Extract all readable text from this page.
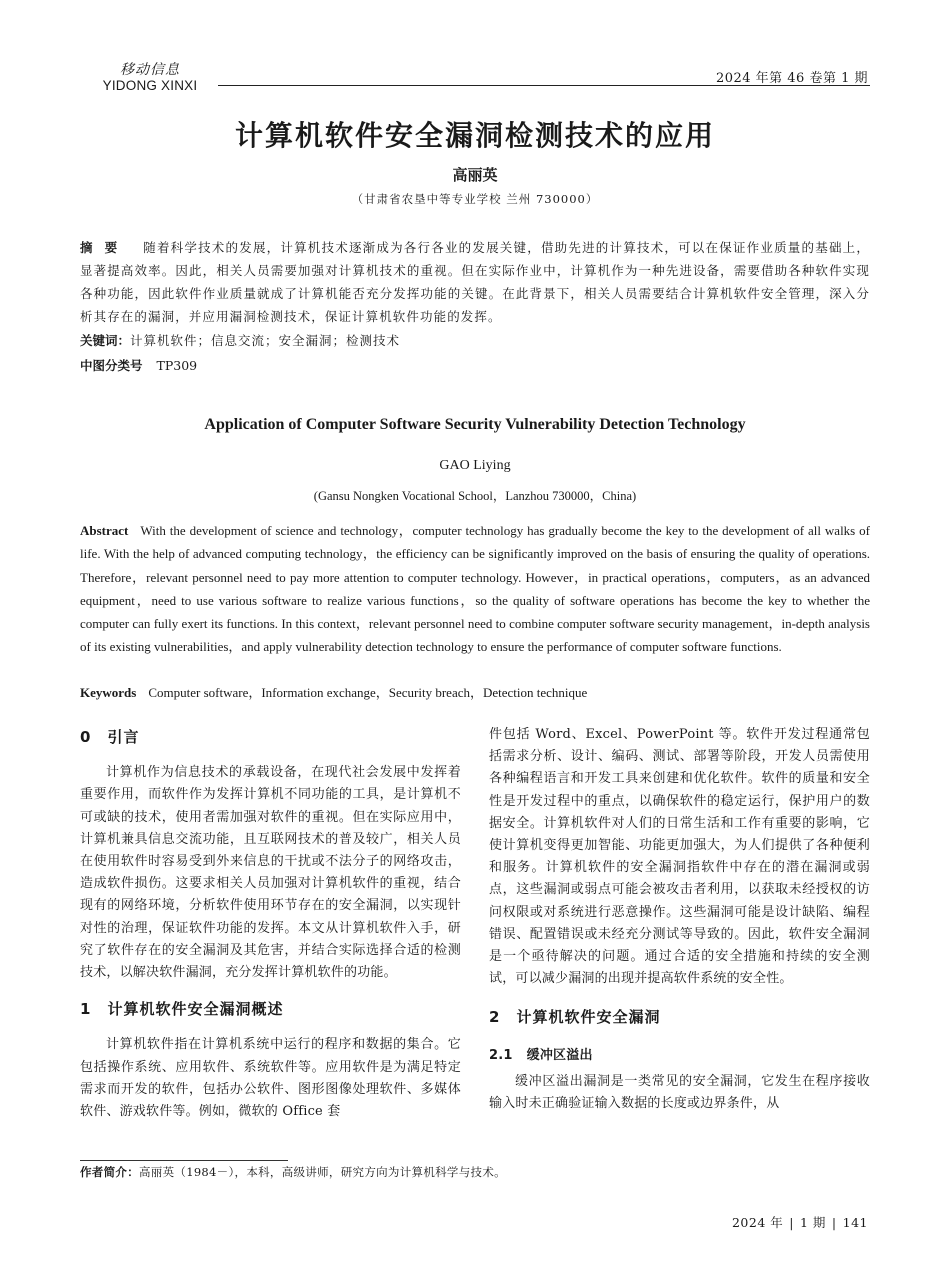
移动信息
YIDONG XINXI	2024 年第 46 卷第 1 期
计算机软件安全漏洞检测技术的应用
高丽英
（甘肃省农垦中等专业学校 兰州 730000）
摘要 随着科学技术的发展，计算机技术逐渐成为各行各业的发展关键，借助先进的计算技术，可以在保证作业质量的基础上，显著提高效率。因此，相关人员需要加强对计算机技术的重视。但在实际作业中，计算机作为一种先进设备，需要借助各种软件实现各种功能，因此软件作业质量就成了计算机能否充分发挥功能的关键。在此背景下，相关人员需要结合计算机软件安全管理，深入分析其存在的漏洞，并应用漏洞检测技术，保证计算机软件功能的发挥。
关键词：计算机软件；信息交流；安全漏洞；检测技术
中图分类号 TP309
Application of Computer Software Security Vulnerability Detection Technology
GAO Liying
(Gansu Nongken Vocational School，Lanzhou 730000，China)
Abstract With the development of science and technology，computer technology has gradually become the key to the development of all walks of life. With the help of advanced computing technology，the efficiency can be significantly improved on the basis of ensuring the quality of operations. Therefore，relevant personnel need to pay more attention to computer technology. However，in practical operations，computers，as an advanced equipment，need to use various software to realize various functions，so the quality of software operations has become the key to whether the computer can fully exert its functions. In this context，relevant personnel need to combine computer software security management，in-depth analysis of its existing vulnerabilities，and apply vulnerability detection technology to ensure the performance of computer software functions.
Keywords Computer software，Information exchange，Security breach，Detection technique
0 引言

计算机作为信息技术的承载设备，在现代社会发展中发挥着重要作用，而软件作为发挥计算机不同功能的工具，是计算机不可或缺的技术，使用者需加强对软件的重视。但在实际应用中，计算机兼具信息交流功能，且互联网技术的普及较广，相关人员在使用软件时容易受到外来信息的干扰或不法分子的网络攻击，造成软件损伤。这要求相关人员加强对计算机软件的重视，结合现有的网络环境，分析软件使用环节存在的安全漏洞，以实现针对性的治理，保证软件功能的发挥。本文从计算机软件入手，研究了软件存在的安全漏洞及其危害，并结合实际选择合适的检测技术，以解决软件漏洞，充分发挥计算机软件的功能。

1 计算机软件安全漏洞概述

计算机软件指在计算机系统中运行的程序和数据的集合。它包括操作系统、应用软件、系统软件等。应用软件是为满足特定需求而开发的软件，包括办公软件、图形图像处理软件、多媒体软件、游戏软件等。例如，微软的 Office 套

件包括 Word、Excel、PowerPoint 等。软件开发过程通常包括需求分析、设计、编码、测试、部署等阶段，开发人员需使用各种编程语言和开发工具来创建和优化软件。软件的质量和安全性是开发过程中的重点，以确保软件的稳定运行，保护用户的数据安全。计算机软件对人们的日常生活和工作有重要的影响，它使计算机变得更加智能、功能更加强大，为人们提供了各种便利和服务。计算机软件的安全漏洞指软件中存在的潜在漏洞或弱点，这些漏洞或弱点可能会被攻击者利用，以获取未经授权的访问权限或对系统进行恶意操作。这些漏洞可能是设计缺陷、编程错误、配置错误或未经充分测试等导致的。因此，软件安全漏洞是一个亟待解决的问题。通过合适的安全措施和持续的安全测试，可以减少漏洞的出现并提高软件系统的安全性。

2 计算机软件安全漏洞
2.1 缓冲区溢出

缓冲区溢出漏洞是一类常见的安全漏洞，它发生在程序接收输入时未正确验证输入数据的长度或边界条件，从

作者简介：高丽英（1984－），本科，高级讲师，研究方向为计算机科学与技术。
2024 年 | 1 期 | 141
